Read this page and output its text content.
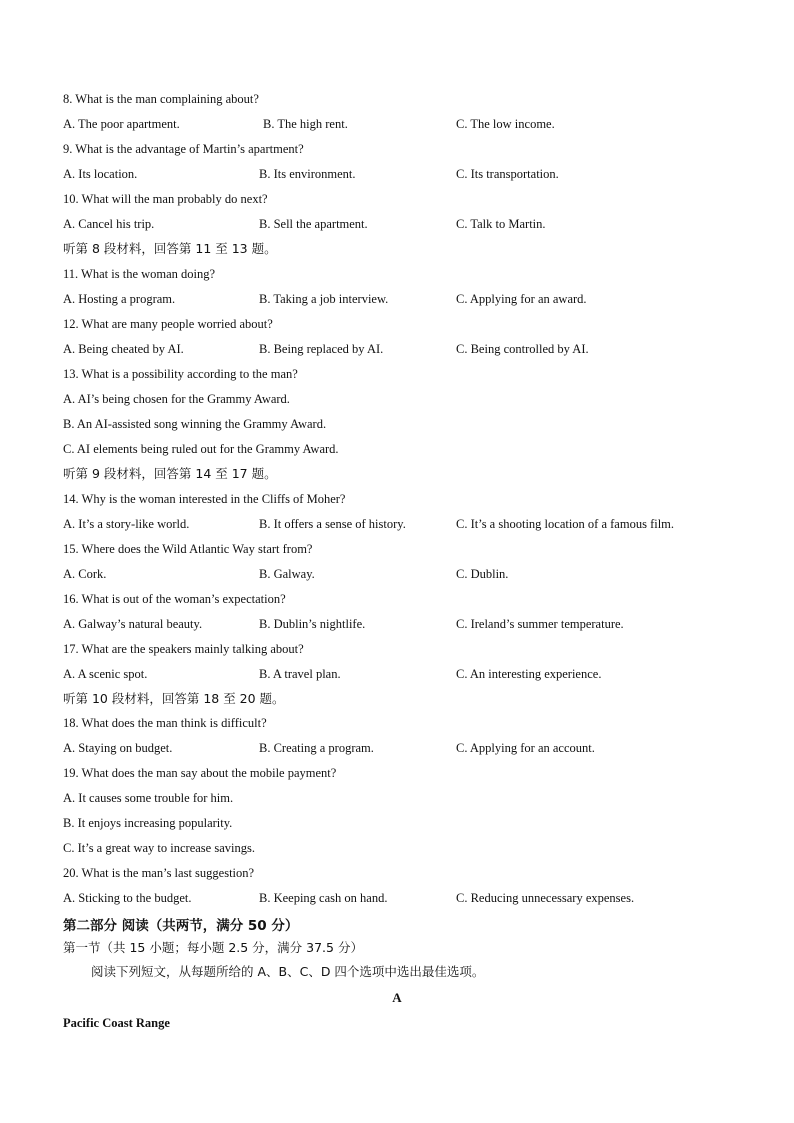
8. What is the man complaining about?
A. The poor apartment.	B. The high rent.	C. The low income.
9. What is the advantage of Martin’s apartment?
A. Its location.	B. Its environment.	C. Its transportation.
10. What will the man probably do next?
A. Cancel his trip.	B. Sell the apartment.	C. Talk to Martin.
听第 8 段材料，回答第 11 至 13 题。
11. What is the woman doing?
A. Hosting a program.	B. Taking a job interview.	C. Applying for an award.
12. What are many people worried about?
A. Being cheated by AI.	B. Being replaced by AI.	C. Being controlled by AI.
13. What is a possibility according to the man?
A. AI’s being chosen for the Grammy Award.
B. An AI-assisted song winning the Grammy Award.
C. AI elements being ruled out for the Grammy Award.
听第 9 段材料，回答第 14 至 17 题。
14. Why is the woman interested in the Cliffs of Moher?
A. It’s a story-like world.	B. It offers a sense of history.	C. It’s a shooting location of a famous film.
15. Where does the Wild Atlantic Way start from?
A. Cork.	B. Galway.	C. Dublin.
16. What is out of the woman’s expectation?
A. Galway’s natural beauty.	B. Dublin’s nightlife.	C. Ireland’s summer temperature.
17. What are the speakers mainly talking about?
A. A scenic spot.	B. A travel plan.	C. An interesting experience.
听第 10 段材料，回答第 18 至 20 题。
18. What does the man think is difficult?
A. Staying on budget.	B. Creating a program.	C. Applying for an account.
19. What does the man say about the mobile payment?
A. It causes some trouble for him.
B. It enjoys increasing popularity.
C. It’s a great way to increase savings.
20. What is the man’s last suggestion?
A. Sticking to the budget.	B. Keeping cash on hand.	C. Reducing unnecessary expenses.
第二部分 阅读（共两节，满分 50 分）
第一节（共 15 小题；每小题 2.5 分，满分 37.5 分）
阅读下列短文，从每题所给的 A、B、C、D 四个选项中选出最佳选项。
A
Pacific Coast Range
